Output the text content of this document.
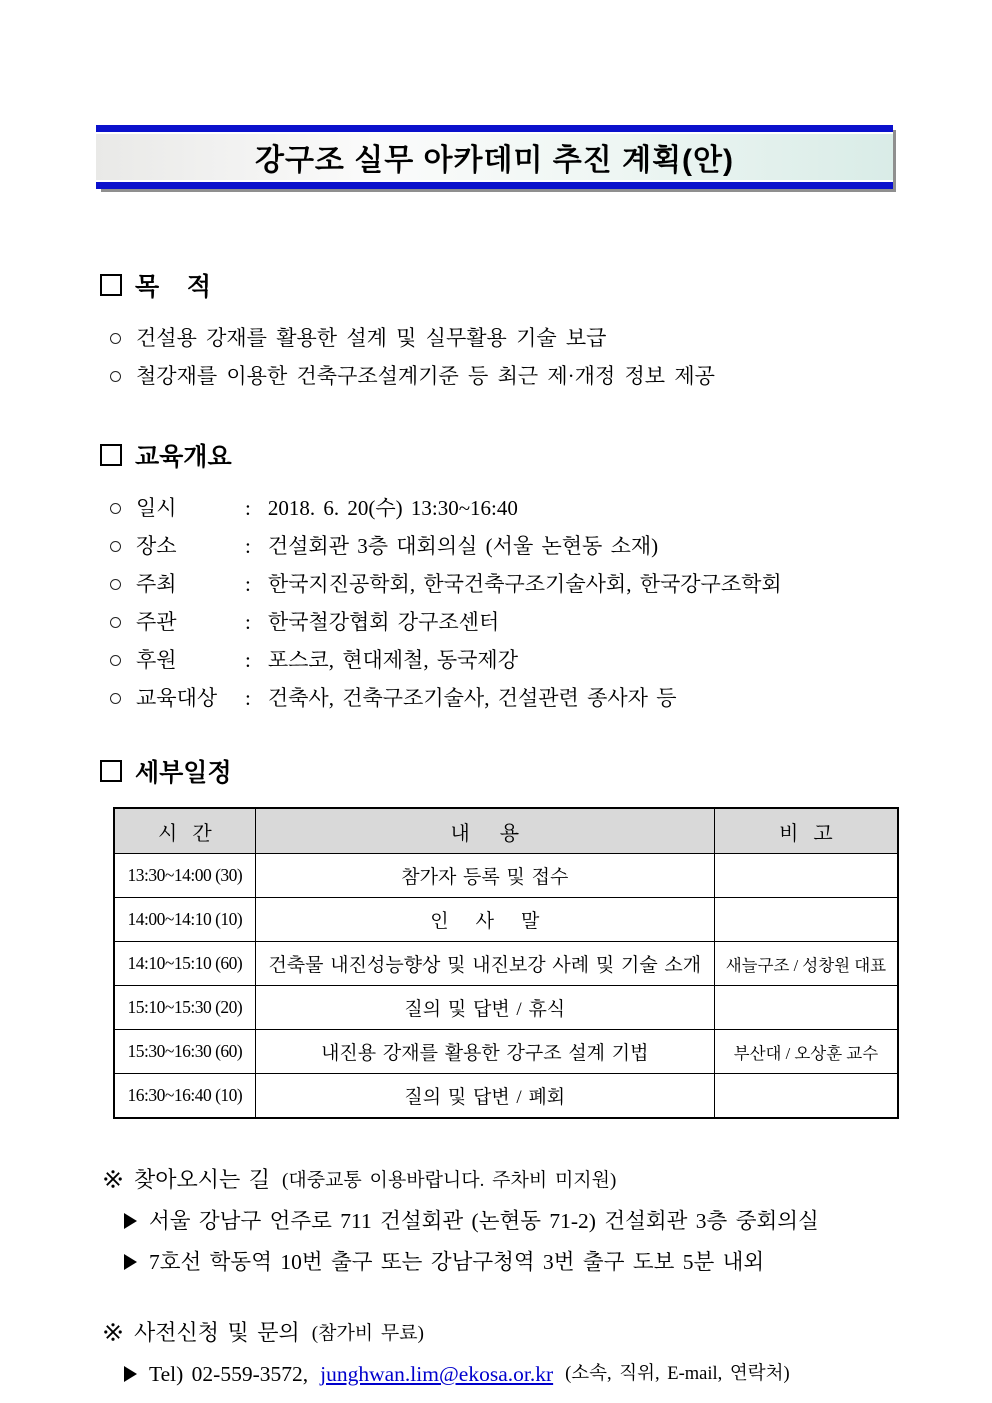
강구조 실무 아카데미 추진 계획(안)
목    적
건설용 강재를 활용한 설계 및 실무활용 기술 보급
철강재를 이용한 건축구조설계기준 등 최근 제·개정 정보 제공
교육개요
일시	: 2018. 6. 20(수) 13:30~16:40
장소	: 건설회관 3층 대회의실 (서울 논현동 소재)
주최	: 한국지진공학회, 한국건축구조기술사회, 한국강구조학회
주관	: 한국철강협회 강구조센터
후원	: 포스코, 현대제철, 동국제강
교육대상	: 건축사, 건축구조기술사, 건설관련 종사자 등
세부일정
시   간	내      용	비   고
13:30~14:00 (30)	참가자 등록 및 접수	
14:00~14:10 (10)	인    사    말	
14:10~15:10 (60)	건축물 내진성능향상 및 내진보강 사례 및 기술 소개	새늘구조 / 성창원 대표
15:10~15:30 (20)	질의 및 답변 / 휴식	
15:30~16:30 (60)	내진용 강재를 활용한 강구조 설계 기법	부산대 / 오상훈 교수
16:30~16:40 (10)	질의 및 답변 / 폐회	
찾아오시는 길 (대중교통 이용바랍니다. 주차비 미지원)
서울 강남구 언주로 711 건설회관 (논현동 71-2) 건설회관 3층 중회의실
7호선 학동역 10번 출구 또는 강남구청역 3번 출구 도보 5분 내외
사전신청 및 문의 (참가비 무료)
Tel) 02-559-3572, junghwan.lim@ekosa.or.kr (소속, 직위, E-mail, 연락처)
